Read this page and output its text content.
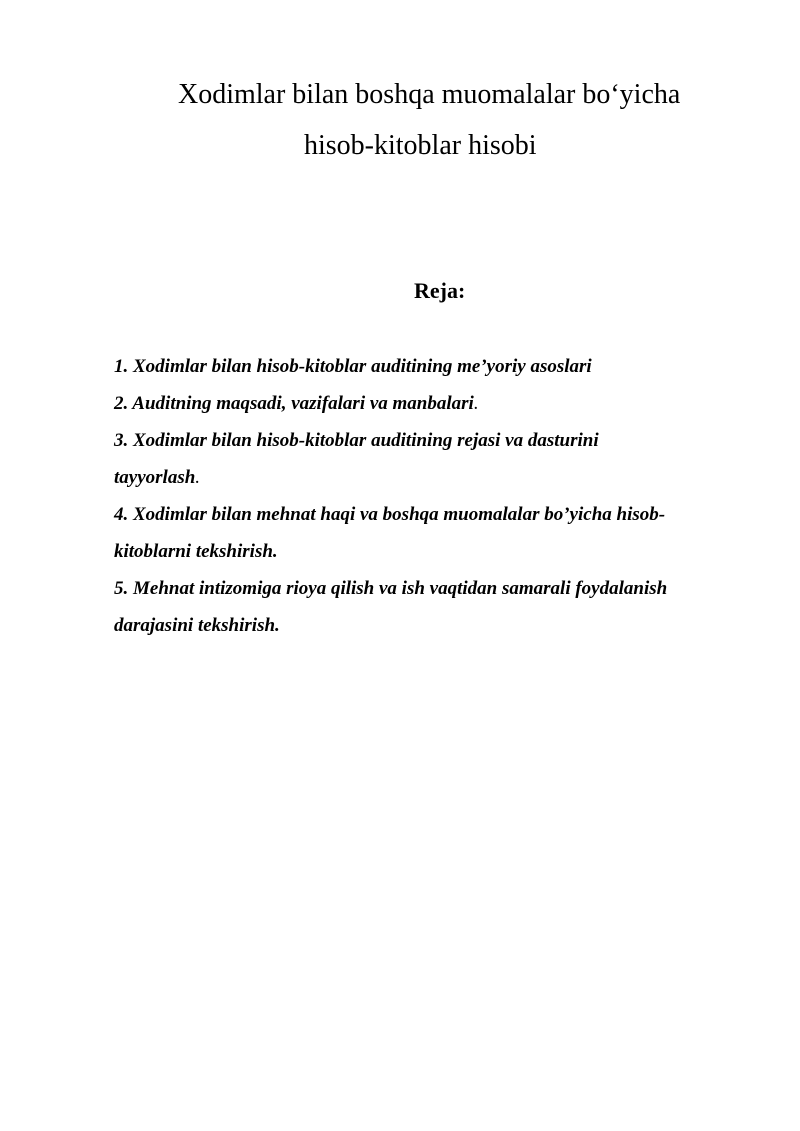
Xodimlar bilan boshqa muomalalar bo‘yicha
hisob-kitoblar hisobi
Reja:
1. Xodimlar bilan hisob-kitoblar auditining me’yoriy asoslari
2. Auditning maqsadi, vazifalari va manbalari.
3. Xodimlar bilan hisob-kitoblar auditining rejasi va dasturini
tayyorlash.
4. Xodimlar bilan mehnat haqi va boshqa muomalalar bo’yicha hisob-
kitoblarni tekshirish.
5. Mehnat intizomiga rioya qilish va ish vaqtidan samarali foydalanish
darajasini tekshirish.
